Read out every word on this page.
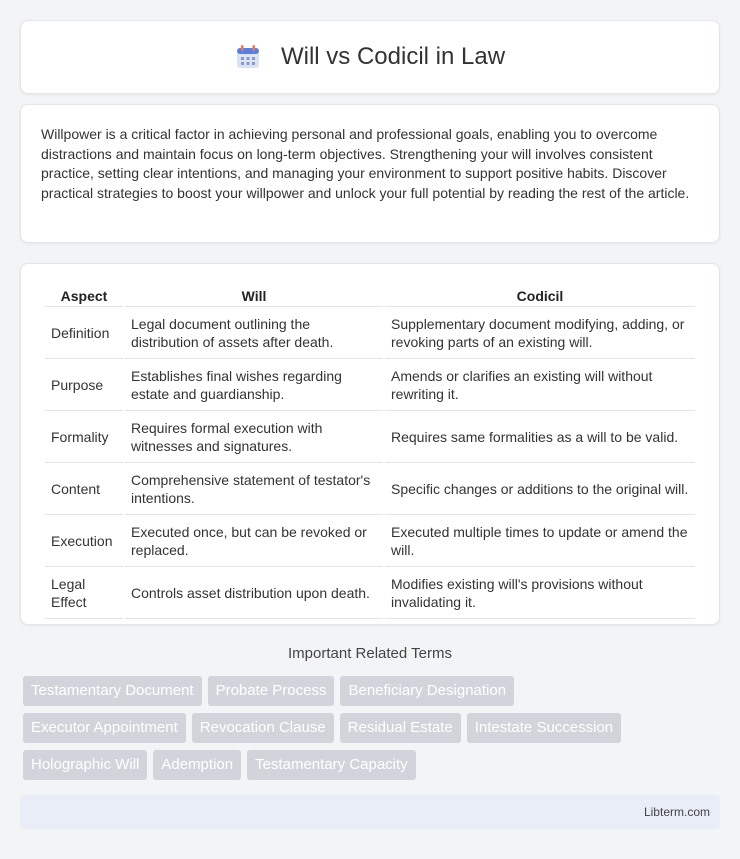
Will vs Codicil in Law

Willpower is a critical factor in achieving personal and professional goals, enabling you to overcome distractions and maintain focus on long-term objectives. Strengthening your will involves consistent practice, setting clear intentions, and managing your environment to support positive habits. Discover practical strategies to boost your willpower and unlock your full potential by reading the rest of the article.

Aspect	Will	Codicil
Definition	Legal document outlining the distribution of assets after death.	Supplementary document modifying, adding, or revoking parts of an existing will.
Purpose	Establishes final wishes regarding estate and guardianship.	Amends or clarifies an existing will without rewriting it.
Formality	Requires formal execution with witnesses and signatures.	Requires same formalities as a will to be valid.
Content	Comprehensive statement of testator's intentions.	Specific changes or additions to the original will.
Execution	Executed once, but can be revoked or replaced.	Executed multiple times to update or amend the will.
Legal Effect	Controls asset distribution upon death.	Modifies existing will's provisions without invalidating it.
Important Related Terms
Testamentary Document	Probate Process	Beneficiary Designation
Executor Appointment	Revocation Clause	Residual Estate	Intestate Succession
Holographic Will	Ademption	Testamentary Capacity
Libterm.com
